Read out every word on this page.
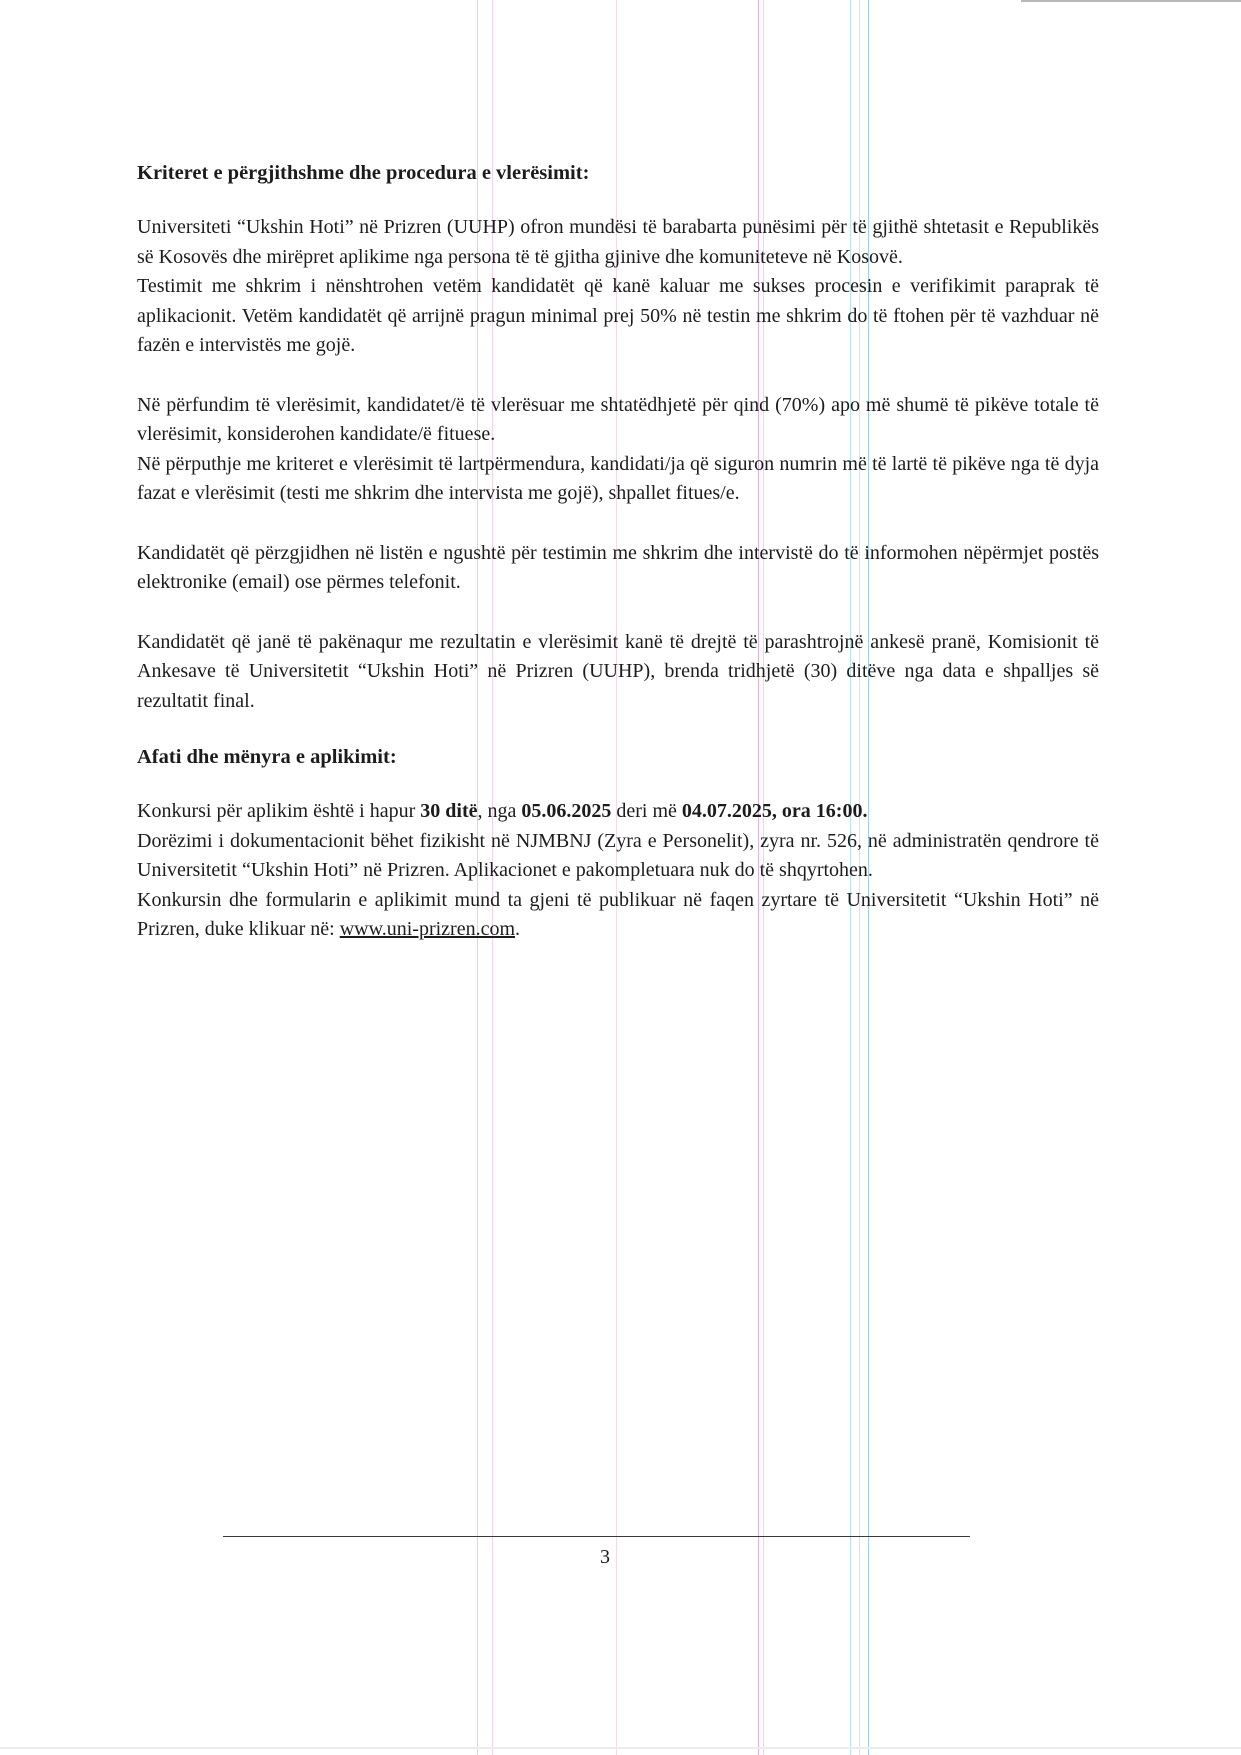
Kriteret e përgjithshme dhe procedura e vlerësimit:

Universiteti “Ukshin Hoti” në Prizren (UUHP) ofron mundësi të barabarta punësimi për të gjithë shtetasit e Republikës së Kosovës dhe mirëpret aplikime nga persona të të gjitha gjinive dhe komuniteteve në Kosovë.

Testimit me shkrim i nënshtrohen vetëm kandidatët që kanë kaluar me sukses procesin e verifikimit paraprak të aplikacionit. Vetëm kandidatët që arrijnë pragun minimal prej 50% në testin me shkrim do të ftohen për të vazhduar në fazën e intervistës me gojë.

Në përfundim të vlerësimit, kandidatet/ë të vlerësuar me shtatëdhjetë për qind (70%) apo më shumë të pikëve totale të vlerësimit, konsiderohen kandidate/ë fituese.

Në përputhje me kriteret e vlerësimit të lartpërmendura, kandidati/ja që siguron numrin më të lartë të pikëve nga të dyja fazat e vlerësimit (testi me shkrim dhe intervista me gojë), shpallet fitues/e.

Kandidatët që përzgjidhen në listën e ngushtë për testimin me shkrim dhe intervistë do të informohen nëpërmjet postës elektronike (email) ose përmes telefonit.

Kandidatët që janë të pakënaqur me rezultatin e vlerësimit kanë të drejtë të parashtrojnë ankesë pranë, Komisionit të Ankesave të Universitetit “Ukshin Hoti” në Prizren (UUHP), brenda tridhjetë (30) ditëve nga data e shpalljes së rezultatit final.

Afati dhe mënyra e aplikimit:

Konkursi për aplikim është i hapur 30 ditë, nga 05.06.2025 deri më 04.07.2025, ora 16:00.

Dorëzimi i dokumentacionit bëhet fizikisht në NJMBNJ (Zyra e Personelit), zyra nr. 526, në administratën qendrore të Universitetit “Ukshin Hoti” në Prizren. Aplikacionet e pakompletuara nuk do të shqyrtohen.

Konkursin dhe formularin e aplikimit mund ta gjeni të publikuar në faqen zyrtare të Universitetit “Ukshin Hoti” në Prizren, duke klikuar në: www.uni-prizren.com.

3
